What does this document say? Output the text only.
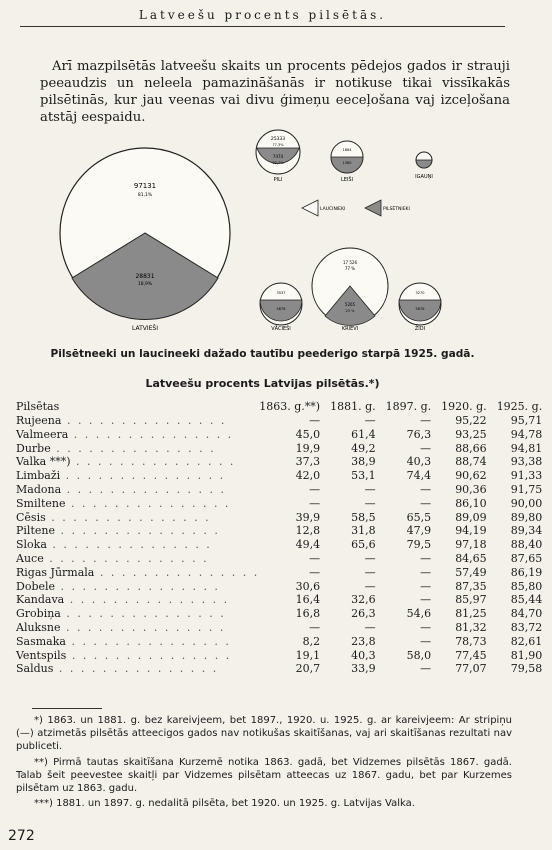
Latveešu procents pilsētās.
Arī mazpilsētās latveešu skaits un procents pēdejos gados ir strauji peeaudzis un neleela pamazināšanās ir notikuse tikai vissīkakās pilsētinās, kur jau veenas vai divu ģimeņu eeceļošana vaj izceļošana atstāj eespaidu.
97131
81,1%
28831
18,9%
LATVIEŠI
25333
77,3%
7474
22,7%
PILI
1884
1380
LEIŠI	IGAUŅI
LAUCINIEKI	PILSĒTNIEKI
17 526
77 %
5265
23 %
KRIEVI
3537
5876
VĀCIEŠI
3270
5876
ŽĪDI
Pilsētneeki un laucineeki dažado tautību peederigo starpā 1925. gadā.
Latveešu procents Latvijas pilsētās.*)
Pilsētas	1863. g.**)	1881. g.	1897. g.	1920. g.	1925. g.
Rujeena . . . . . . . . . . . . . . .	—	—	—	95,22	95,71
Valmeera . . . . . . . . . . . . . . .	45,0	61,4	76,3	93,25	94,78
Durbe . . . . . . . . . . . . . . .	19,9	49,2	—	88,66	94,81
Valka ***) . . . . . . . . . . . . . . .	37,3	38,9	40,3	88,74	93,38
Limbaži . . . . . . . . . . . . . . .	42,0	53,1	74,4	90,62	91,33
Madona . . . . . . . . . . . . . . .	—	—	—	90,36	91,75
Smiltene . . . . . . . . . . . . . . .	—	—	—	86,10	90,00
Cēsis . . . . . . . . . . . . . . .	39,9	58,5	65,5	89,09	89,80
Piltene . . . . . . . . . . . . . . .	12,8	31,8	47,9	94,19	89,34
Sloka . . . . . . . . . . . . . . .	49,4	65,6	79,5	97,18	88,40
Auce . . . . . . . . . . . . . . .	—	—	—	84,65	87,65
Rigas Jūrmala . . . . . . . . . . . . . . .	—	—	—	57,49	86,19
Dobele . . . . . . . . . . . . . . .	30,6	—	—	87,35	85,80
Kandava . . . . . . . . . . . . . . .	16,4	32,6	—	85,97	85,44
Grobiņa . . . . . . . . . . . . . . .	16,8	26,3	54,6	81,25	84,70
Aluksne . . . . . . . . . . . . . . .	—	—	—	81,32	83,72
Sasmaka . . . . . . . . . . . . . . .	8,2	23,8	—	78,73	82,61
Ventspils . . . . . . . . . . . . . . .	19,1	40,3	58,0	77,45	81,90
Saldus . . . . . . . . . . . . . . .	20,7	33,9	—	77,07	79,58

*) 1863. un 1881. g. bez kareivjeem, bet 1897., 1920. u. 1925. g. ar kareivjeem: Ar stripiņu (—) atzimetās pilsētās atteecigos gados nav notikušas skaitīšanas, vaj ari skaitīšanas rezultati nav publiceti.

**) Pirmā tautas skaitīšana Kurzemē notika 1863. gadā, bet Vidzemes pilsētās 1867. gadā. Talab šeit peevestee skaitļi par Vidzemes pilsētam atteecas uz 1867. gadu, bet par Kurzemes pilsētam uz 1863. gadu.

***) 1881. un 1897. g. nedalitā pilsēta, bet 1920. un 1925. g. Latvijas Valka.

272
